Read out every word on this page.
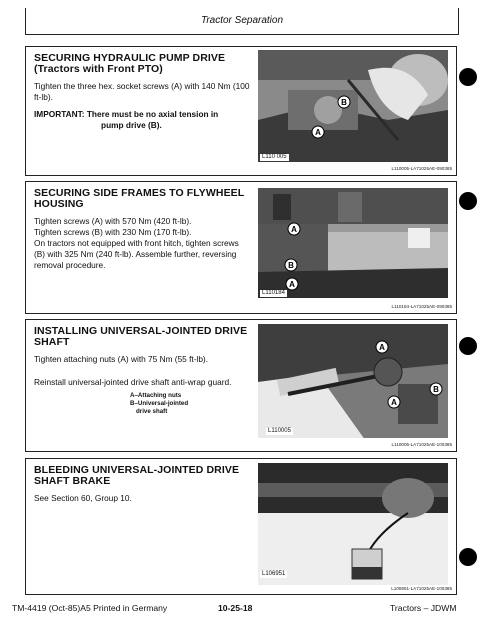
Tractor Separation
SECURING HYDRAULIC PUMP DRIVE (Tractors with Front PTO)

Tighten the three hex. socket screws (A) with 140 Nm (100 ft-lb).

IMPORTANT: There must be no axial tension in
pump drive (B).

B
A
L110 005
L110005-LA71025AE-090385
SECURING SIDE FRAMES TO FLYWHEEL HOUSING

Tighten screws (A) with 570 Nm (420 ft-lb).
Tighten screws (B) with 230 Nm (170 ft-lb).
On tractors not equipped with front hitch, tighten screws (B) with 325 Nm (240 ft-lb). Assemble further, reversing removal procedure.

A
B
A
L110184
L110184-LA71025AE-090385
INSTALLING UNIVERSAL-JOINTED DRIVE SHAFT

Tighten attaching nuts (A) with 75 Nm (55 ft-lb).

Reinstall universal-jointed drive shaft anti-wrap guard.

A–Attaching nuts
B–Universal-jointed
drive shaft
A
B
A
L110005
L110005-LA71025AE-100385
BLEEDING UNIVERSAL-JOINTED DRIVE SHAFT BRAKE

See Section 60, Group 10.

L106951
L106951-LA71025AE-100385
TM-4419 (Oct-85)A5 Printed in Germany	10-25-18	Tractors – JDWM
